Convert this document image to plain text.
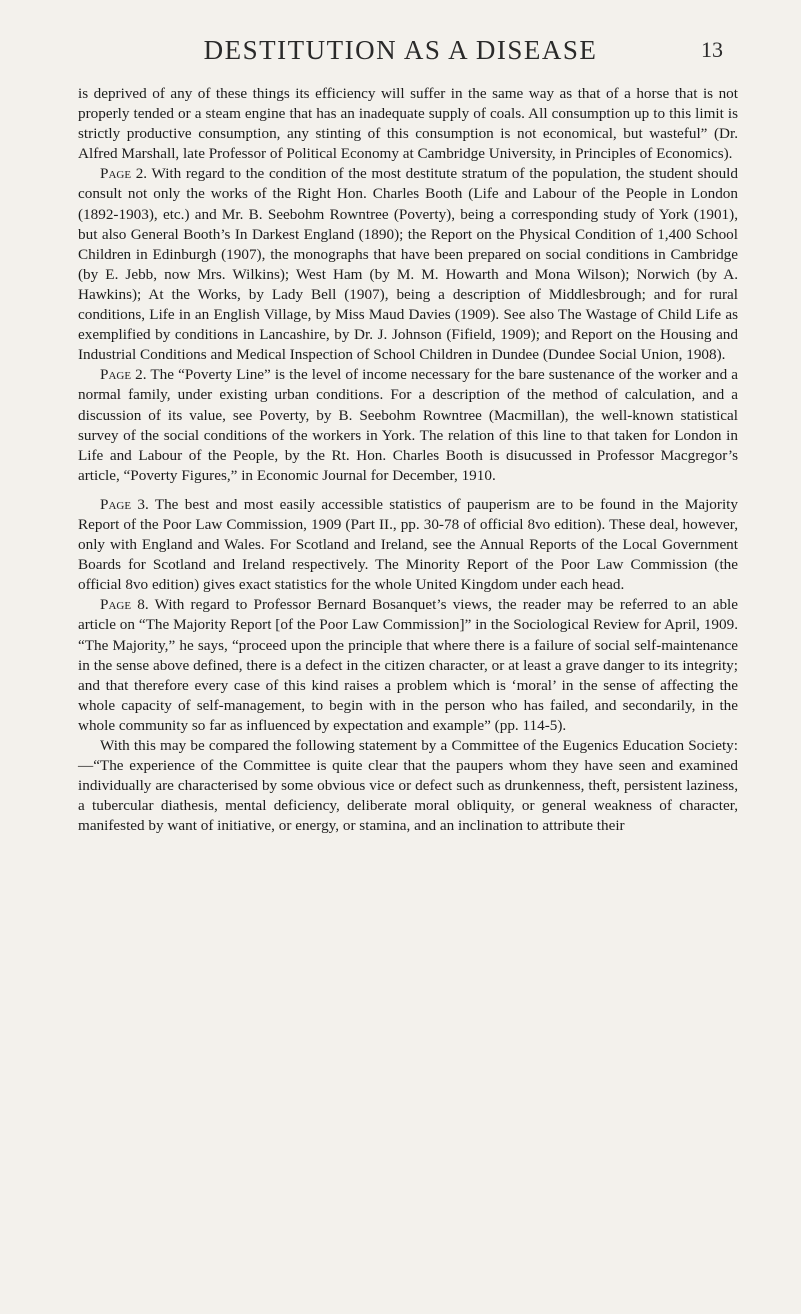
DESTITUTION AS A DISEASE	13

is deprived of any of these things its efficiency will suffer in the same way as that of a horse that is not properly tended or a steam engine that has an inadequate supply of coals. All consumption up to this limit is strictly productive consumption, any stinting of this consumption is not economical, but wasteful” (Dr. Alfred Marshall, late Professor of Political Economy at Cambridge University, in Principles of Economics).

Page 2. With regard to the condition of the most destitute stratum of the population, the student should consult not only the works of the Right Hon. Charles Booth (Life and Labour of the People in London (1892-1903), etc.) and Mr. B. Seebohm Rowntree (Poverty), being a corresponding study of York (1901), but also General Booth’s In Darkest England (1890); the Report on the Physical Condition of 1,400 School Children in Edinburgh (1907), the monographs that have been prepared on social conditions in Cambridge (by E. Jebb, now Mrs. Wilkins); West Ham (by M. M. Howarth and Mona Wilson); Norwich (by A. Hawkins); At the Works, by Lady Bell (1907), being a description of Middlesbrough; and for rural conditions, Life in an English Village, by Miss Maud Davies (1909). See also The Wastage of Child Life as exemplified by conditions in Lancashire, by Dr. J. Johnson (Fifield, 1909); and Report on the Housing and Industrial Conditions and Medical Inspection of School Children in Dundee (Dundee Social Union, 1908).

Page 2. The “Poverty Line” is the level of income necessary for the bare sustenance of the worker and a normal family, under existing urban conditions. For a description of the method of calculation, and a discussion of its value, see Poverty, by B. Seebohm Rowntree (Macmillan), the well-known statistical survey of the social conditions of the workers in York. The relation of this line to that taken for London in Life and Labour of the People, by the Rt. Hon. Charles Booth is disucussed in Professor Macgregor’s article, “Poverty Figures,” in Economic Journal for December, 1910.

Page 3. The best and most easily accessible statistics of pauperism are to be found in the Majority Report of the Poor Law Commission, 1909 (Part II., pp. 30-78 of official 8vo edition). These deal, however, only with England and Wales. For Scotland and Ireland, see the Annual Reports of the Local Government Boards for Scotland and Ireland respectively. The Minority Report of the Poor Law Commission (the official 8vo edition) gives exact statistics for the whole United Kingdom under each head.

Page 8. With regard to Professor Bernard Bosanquet’s views, the reader may be referred to an able article on “The Majority Report [of the Poor Law Commission]” in the Sociological Review for April, 1909. “The Majority,” he says, “proceed upon the principle that where there is a failure of social self-maintenance in the sense above defined, there is a defect in the citizen character, or at least a grave danger to its integrity; and that therefore every case of this kind raises a problem which is ‘moral’ in the sense of affecting the whole capacity of self-management, to begin with in the person who has failed, and secondarily, in the whole community so far as influenced by expectation and example” (pp. 114-5).

With this may be compared the following statement by a Committee of the Eugenics Education Society:—“The experience of the Committee is quite clear that the paupers whom they have seen and examined individually are characterised by some obvious vice or defect such as drunkenness, theft, persistent laziness, a tubercular diathesis, mental deficiency, deliberate moral obliquity, or general weakness of character, manifested by want of initiative, or energy, or stamina, and an inclination to attribute their
